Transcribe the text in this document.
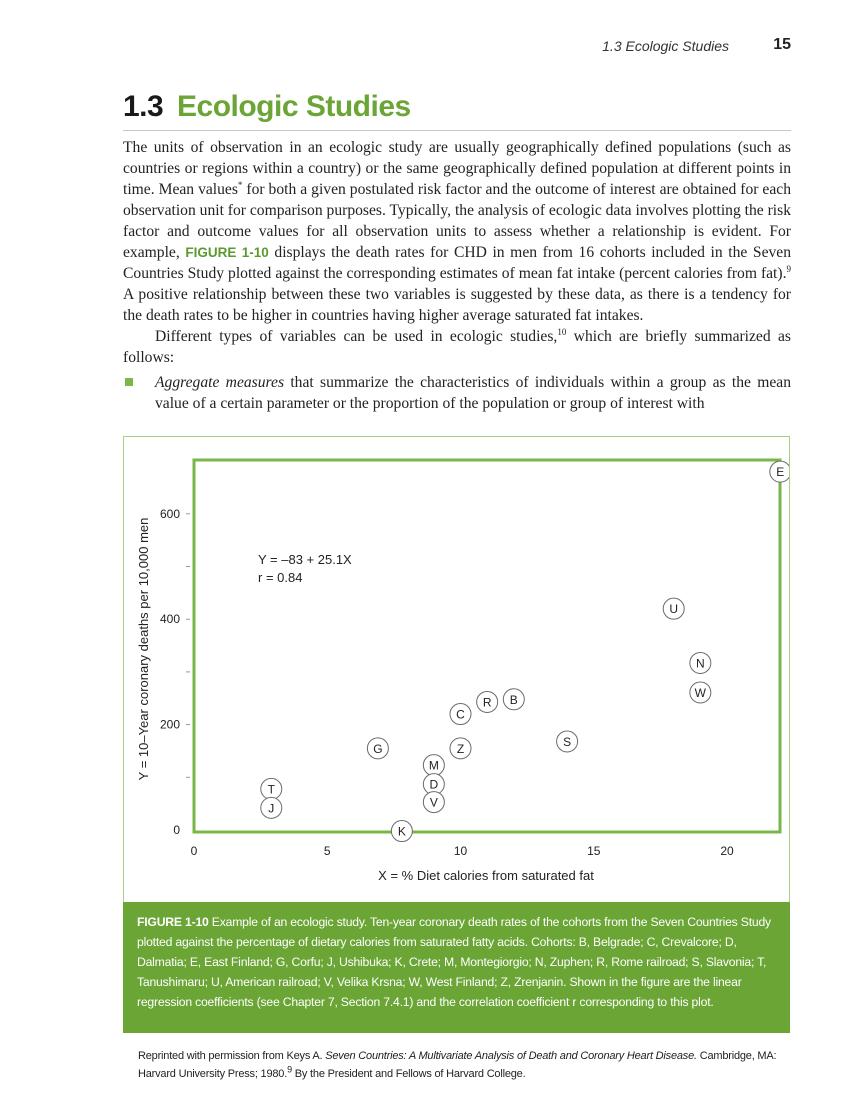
1.3 Ecologic Studies	15
1.3 Ecologic Studies

The units of observation in an ecologic study are usually geographically defined populations (such as countries or regions within a country) or the same geographically defined population at different points in time. Mean values* for both a given postulated risk factor and the outcome of interest are obtained for each observation unit for comparison purposes. Typically, the analysis of ecologic data involves plotting the risk factor and outcome values for all observation units to assess whether a relationship is evident. For example, FIGURE 1-10 displays the death rates for CHD in men from 16 cohorts included in the Seven Countries Study plotted against the corresponding estimates of mean fat intake (percent calories from fat).$^9$ A positive relationship between these two variables is suggested by these data, as there is a tendency for the death rates to be higher in countries having higher average saturated fat intakes.

Different types of variables can be used in ecologic studies,$^{10}$ which are briefly summarized as follows:

Aggregate measures that summarize the characteristics of individuals within a group as the mean value of a certain parameter or the proportion of the population or group of interest with

0
200
400
600
0	5	10	15	20
X = % Diet calories from saturated fat
Y = 10–Year coronary deaths per 10,000 men	Y = –83 + 25.1X
r = 0.84
T
J
G
K
M
D
V
Z
C
R B
S
U
N
W
E
FIGURE 1-10 Example of an ecologic study. Ten-year coronary death rates of the cohorts from the Seven Countries Study plotted against the percentage of dietary calories from saturated fatty acids. Cohorts: B, Belgrade; C, Crevalcore; D, Dalmatia; E, East Finland; G, Corfu; J, Ushibuka; K, Crete; M, Montegiorgio; N, Zuphen; R, Rome railroad; S, Slavonia; T, Tanushimaru; U, American railroad; V, Velika Krsna; W, West Finland; Z, Zrenjanin. Shown in the figure are the linear regression coefficients (see Chapter 7, Section 7.4.1) and the correlation coefficient r corresponding to this plot.
Reprinted with permission from Keys A. Seven Countries: A Multivariate Analysis of Death and Coronary Heart Disease. Cambridge, MA: Harvard University Press; 1980.$^9$ By the President and Fellows of Harvard College.
